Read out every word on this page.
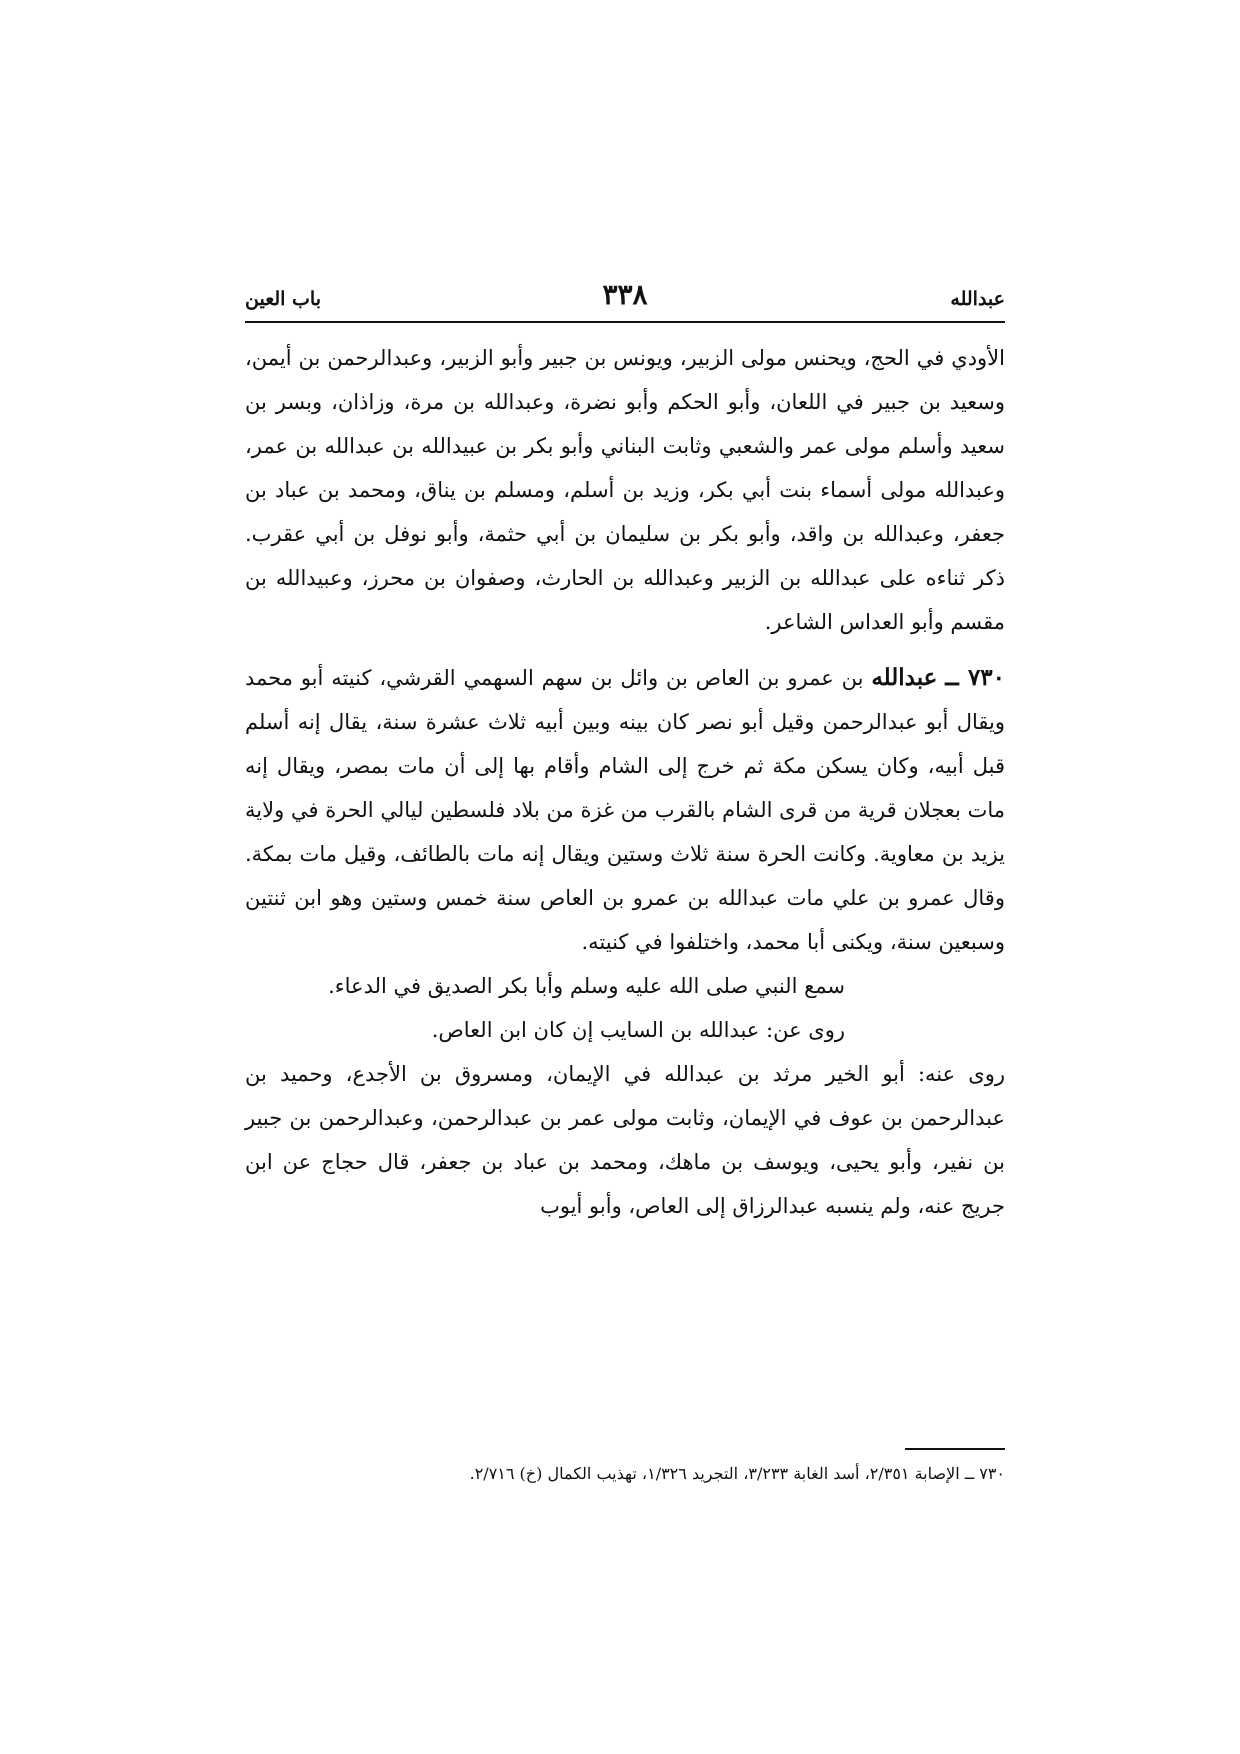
عبدالله
٣٣٨
باب العين

الأودي في الحج، ويحنس مولى الزبير، ويونس بن جبير وأبو الزبير، وعبدالرحمن بن أيمن، وسعيد بن جبير في اللعان، وأبو الحكم وأبو نضرة، وعبدالله بن مرة، وزاذان، وبسر بن سعيد وأسلم مولى عمر والشعبي وثابت البناني وأبو بكر بن عبيدالله بن عبدالله بن عمر، وعبدالله مولى أسماء بنت أبي بكر، وزيد بن أسلم، ومسلم بن يناق، ومحمد بن عباد بن جعفر، وعبدالله بن واقد، وأبو بكر بن سليمان بن أبي حثمة، وأبو نوفل بن أبي عقرب. ذكر ثناءه على عبدالله بن الزبير وعبدالله بن الحارث، وصفوان بن محرز، وعبيدالله بن مقسم وأبو العداس الشاعر.

٧٣٠ ــ عبدالله بن عمرو بن العاص بن وائل بن سهم السهمي القرشي، كنيته أبو محمد ويقال أبو عبدالرحمن وقيل أبو نصر كان بينه وبين أبيه ثلاث عشرة سنة، يقال إنه أسلم قبل أبيه، وكان يسكن مكة ثم خرج إلى الشام وأقام بها إلى أن مات بمصر، ويقال إنه مات بعجلان قرية من قرى الشام بالقرب من غزة من بلاد فلسطين ليالي الحرة في ولاية يزيد بن معاوية. وكانت الحرة سنة ثلاث وستين ويقال إنه مات بالطائف، وقيل مات بمكة. وقال عمرو بن علي مات عبدالله بن عمرو بن العاص سنة خمس وستين وهو ابن ثنتين وسبعين سنة، ويكنى أبا محمد، واختلفوا في كنيته.

سمع النبي صلى الله عليه وسلم وأبا بكر الصديق في الدعاء.

روى عن: عبدالله بن السايب إن كان ابن العاص.

روى عنه: أبو الخير مرثد بن عبدالله في الإيمان، ومسروق بن الأجدع، وحميد بن عبدالرحمن بن عوف في الإيمان، وثابت مولى عمر بن عبدالرحمن، وعبدالرحمن بن جبير بن نفير، وأبو يحيى، ويوسف بن ماهك، ومحمد بن عباد بن جعفر، قال حجاج عن ابن جريج عنه، ولم ينسبه عبدالرزاق إلى العاص، وأبو أيوب

٧٣٠ ــ الإصابة ٢/٣٥١، أسد الغابة ٣/٢٣٣، التجريد ١/٣٢٦، تهذيب الكمال (خ) ٢/٧١٦.
